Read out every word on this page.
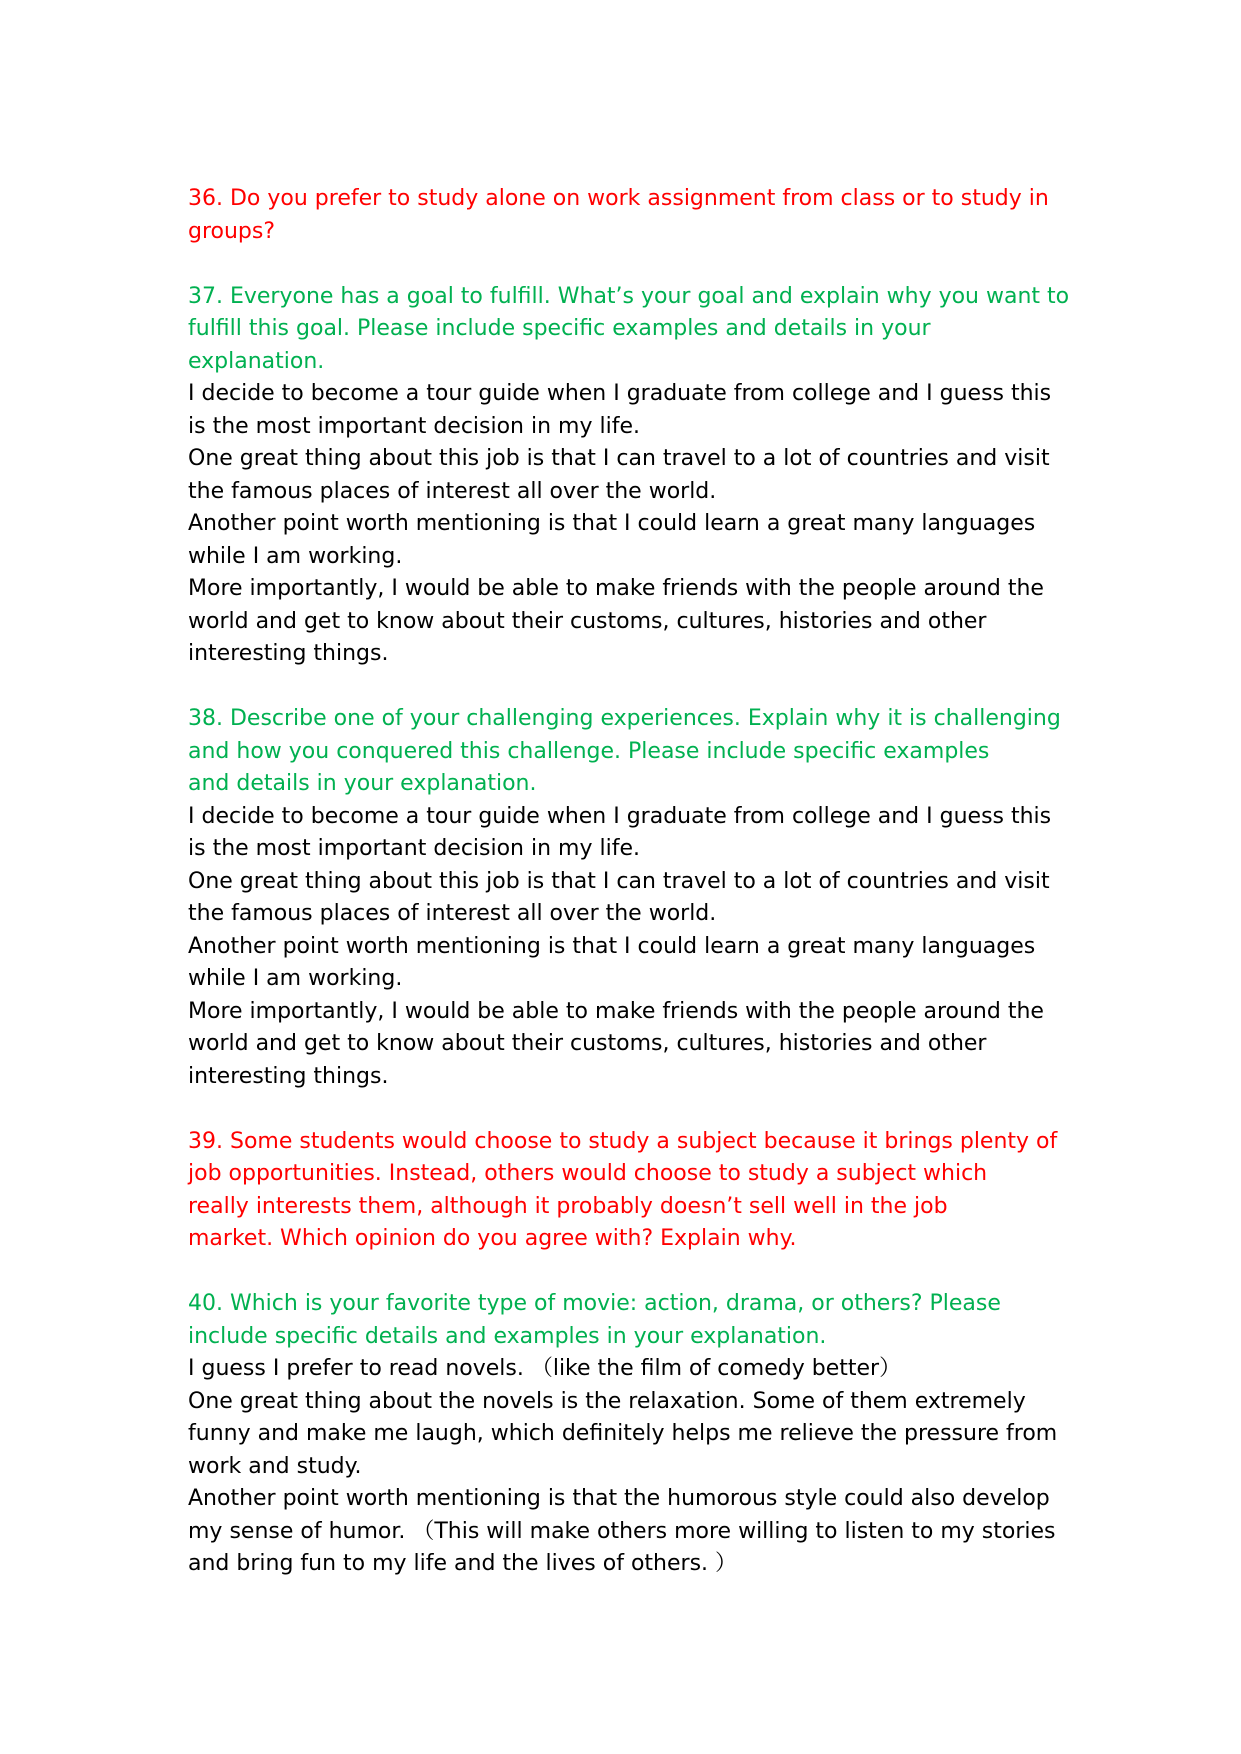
36. Do you prefer to study alone on work assignment from class or to study in
groups?
37. Everyone has a goal to fulfill. What’s your goal and explain why you want to
fulfill this goal. Please include specific examples and details in your
explanation.
I decide to become a tour guide when I graduate from college and I guess this
is the most important decision in my life.
One great thing about this job is that I can travel to a lot of countries and visit
the famous places of interest all over the world.
Another point worth mentioning is that I could learn a great many languages
while I am working.
More importantly, I would be able to make friends with the people around the
world and get to know about their customs, cultures, histories and other
interesting things.
38. Describe one of your challenging experiences. Explain why it is challenging
and how you conquered this challenge. Please include specific examples
and details in your explanation.
I decide to become a tour guide when I graduate from college and I guess this
is the most important decision in my life.
One great thing about this job is that I can travel to a lot of countries and visit
the famous places of interest all over the world.
Another point worth mentioning is that I could learn a great many languages
while I am working.
More importantly, I would be able to make friends with the people around the
world and get to know about their customs, cultures, histories and other
interesting things.
39. Some students would choose to study a subject because it brings plenty of
job opportunities. Instead, others would choose to study a subject which
really interests them, although it probably doesn’t sell well in the job
market. Which opinion do you agree with? Explain why.
40. Which is your favorite type of movie: action, drama, or others? Please
include specific details and examples in your explanation.
I guess I prefer to read novels. （like the film of comedy better）
One great thing about the novels is the relaxation. Some of them extremely
funny and make me laugh, which definitely helps me relieve the pressure from
work and study.
Another point worth mentioning is that the humorous style could also develop
my sense of humor. （This will make others more willing to listen to my stories
and bring fun to my life and the lives of others. ）
